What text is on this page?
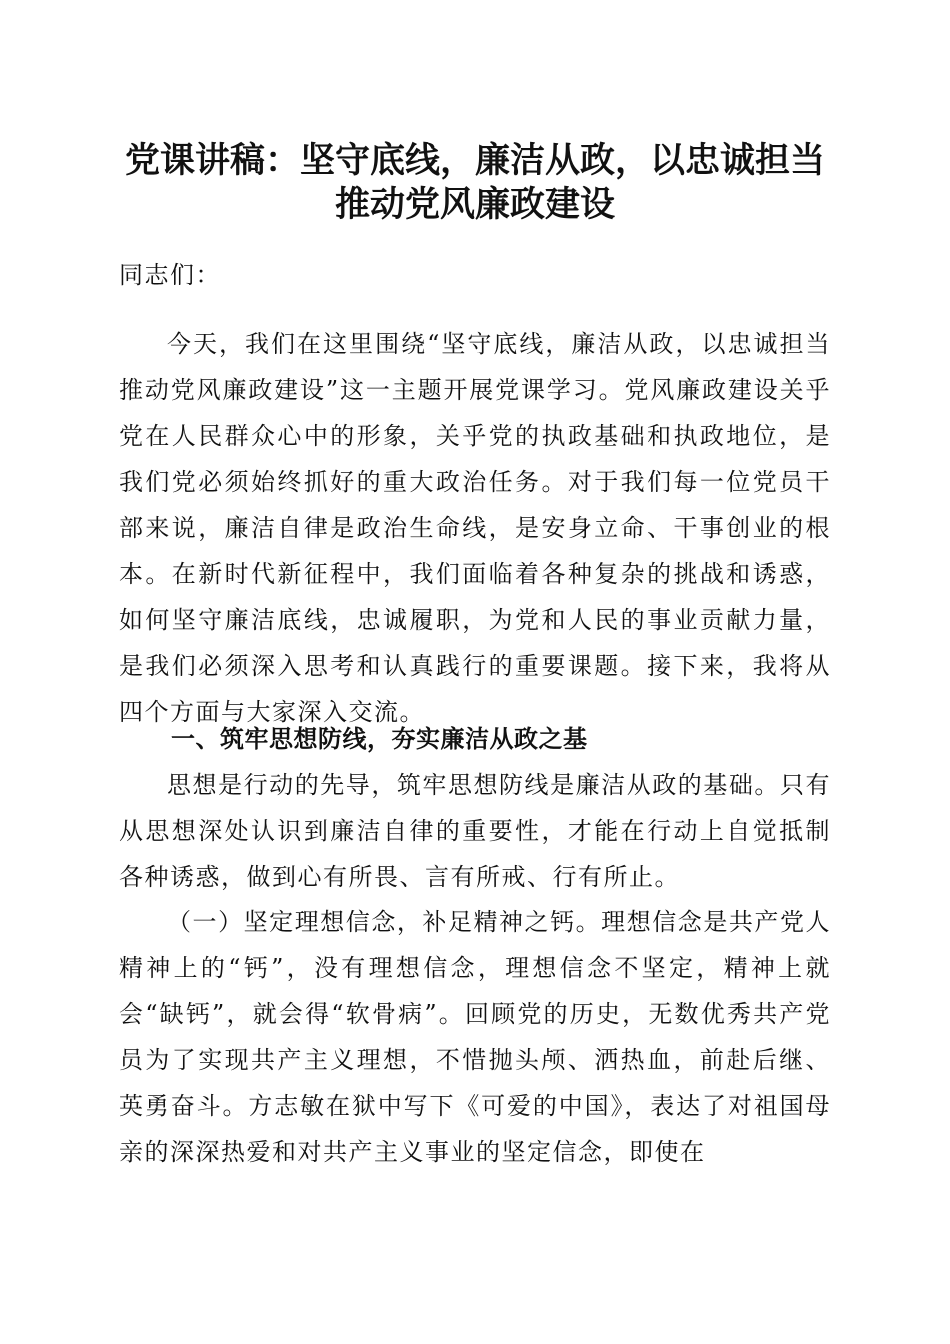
党课讲稿：坚守底线，廉洁从政，以忠诚担当
推动党风廉政建设
同志们：
今天，我们在这里围绕“坚守底线，廉洁从政，以忠诚担当推动党风廉政建设”这一主题开展党课学习。党风廉政建设关乎党在人民群众心中的形象，关乎党的执政基础和执政地位，是我们党必须始终抓好的重大政治任务。对于我们每一位党员干部来说，廉洁自律是政治生命线，是安身立命、干事创业的根本。在新时代新征程中，我们面临着各种复杂的挑战和诱惑，如何坚守廉洁底线，忠诚履职，为党和人民的事业贡献力量，是我们必须深入思考和认真践行的重要课题。接下来，我将从四个方面与大家深入交流。
一、筑牢思想防线，夯实廉洁从政之基
思想是行动的先导，筑牢思想防线是廉洁从政的基础。只有从思想深处认识到廉洁自律的重要性，才能在行动上自觉抵制各种诱惑，做到心有所畏、言有所戒、行有所止。
（一）坚定理想信念，补足精神之钙。理想信念是共产党人精神上的“钙”，没有理想信念，理想信念不坚定，精神上就会“缺钙”，就会得“软骨病”。回顾党的历史，无数优秀共产党员为了实现共产主义理想，不惜抛头颅、洒热血，前赴后继、英勇奋斗。方志敏在狱中写下《可爱的中国》，表达了对祖国母亲的深深热爱和对共产主义事业的坚定信念，即使在
